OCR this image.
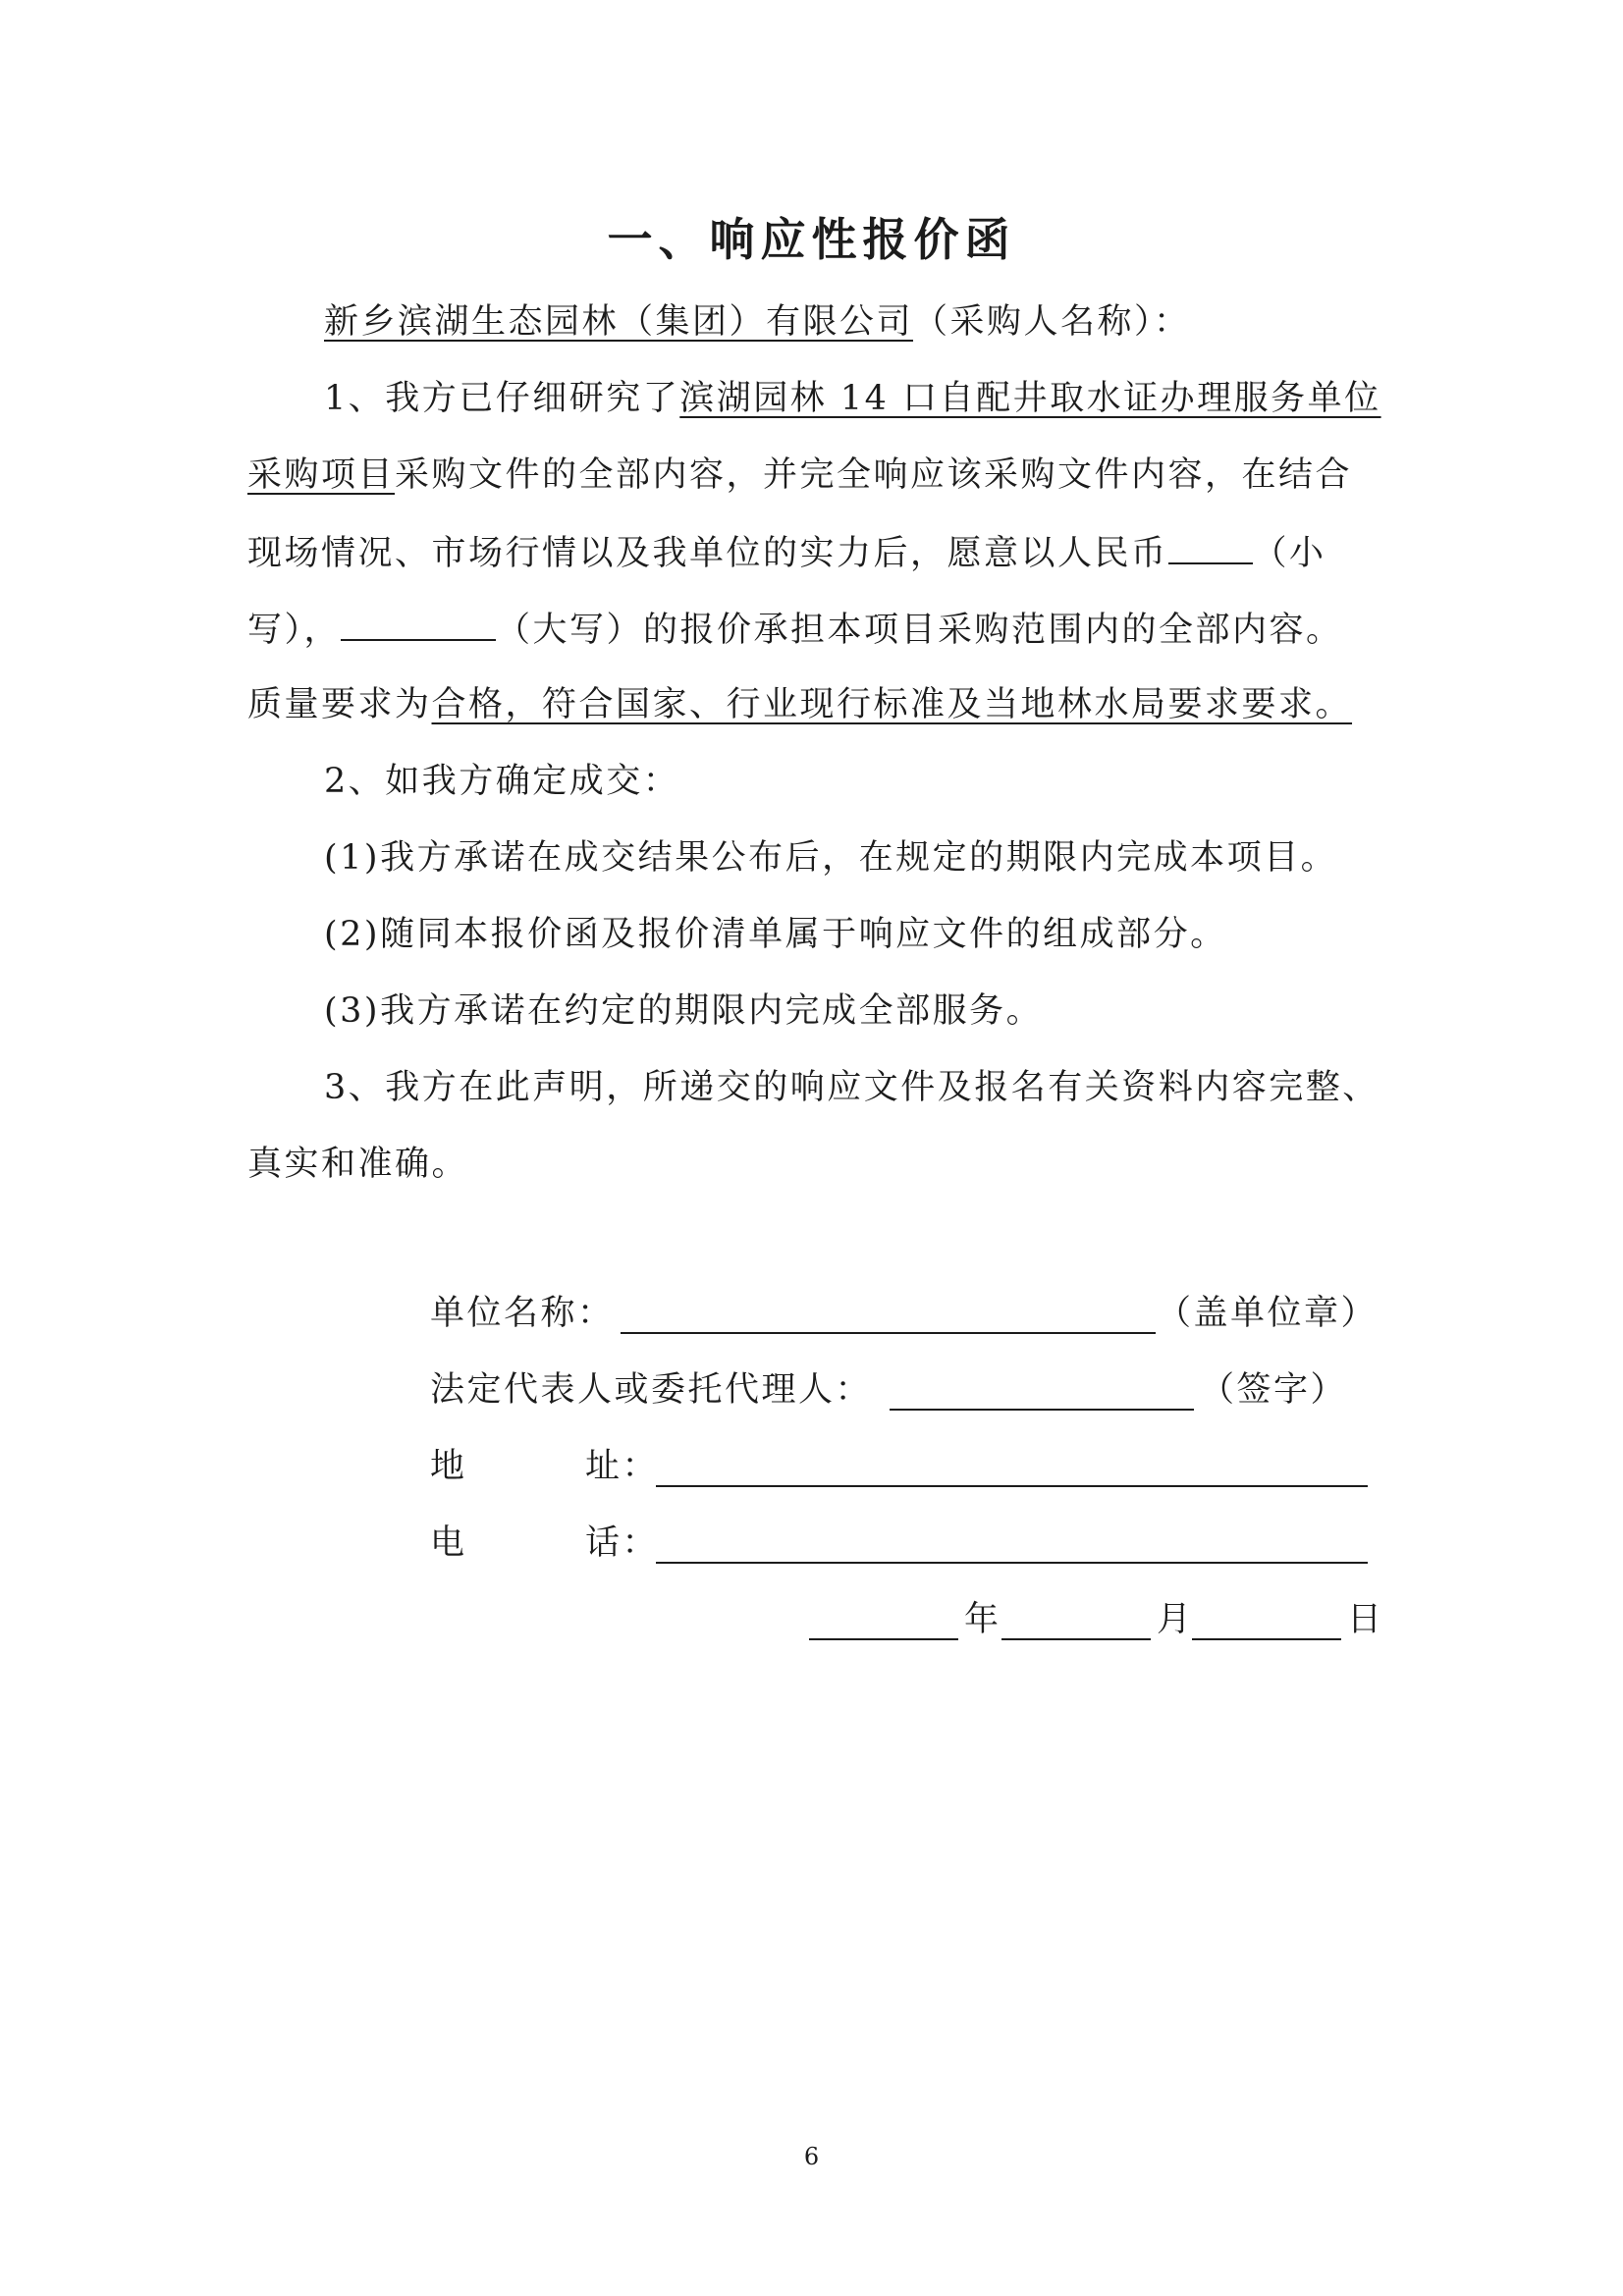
一、响应性报价函
新乡滨湖生态园林（集团）有限公司（采购人名称）：
1、我方已仔细研究了滨湖园林 14 口自配井取水证办理服务单位
采购项目采购文件的全部内容，并完全响应该采购文件内容，在结合
现场情况、市场行情以及我单位的实力后，愿意以人民币 （小
写），	（大写）的报价承担本项目采购范围内的全部内容。
质量要求为合格，符合国家、行业现行标准及当地林水局要求要求。
2、如我方确定成交：
(1)我方承诺在成交结果公布后，在规定的期限内完成本项目。
(2)随同本报价函及报价清单属于响应文件的组成部分。
(3)我方承诺在约定的期限内完成全部服务。
3、我方在此声明，所递交的响应文件及报名有关资料内容完整、
真实和准确。
单位名称：	（盖单位章）
法定代表人或委托代理人：	（签字）
地	址：
电	话：
年	月	日
6
